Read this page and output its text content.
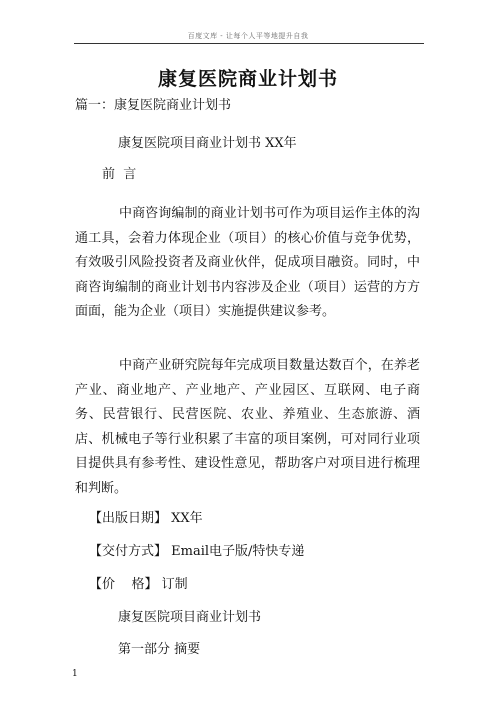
百度文库 - 让每个人平等地提升自我
康复医院商业计划书
篇一：康复医院商业计划书
康复医院项目商业计划书 XX年
前  言

中商咨询编制的商业计划书可作为项目运作主体的沟通工具，会着力体现企业（项目）的核心价值与竞争优势，有效吸引风险投资者及商业伙伴，促成项目融资。同时，中商咨询编制的商业计划书内容涉及企业（项目）运营的方方面面，能为企业（项目）实施提供建议参考。

中商产业研究院每年完成项目数量达数百个，在养老产业、商业地产、产业地产、产业园区、互联网、电子商务、民营银行、民营医院、农业、养殖业、生态旅游、酒店、机械电子等行业积累了丰富的项目案例，可对同行业项目提供具有参考性、建设性意见，帮助客户对项目进行梳理和判断。

【出版日期】 XX年
【交付方式】 Email电子版/特快专递
【价    格】 订制
康复医院项目商业计划书
第一部分 摘要
1
